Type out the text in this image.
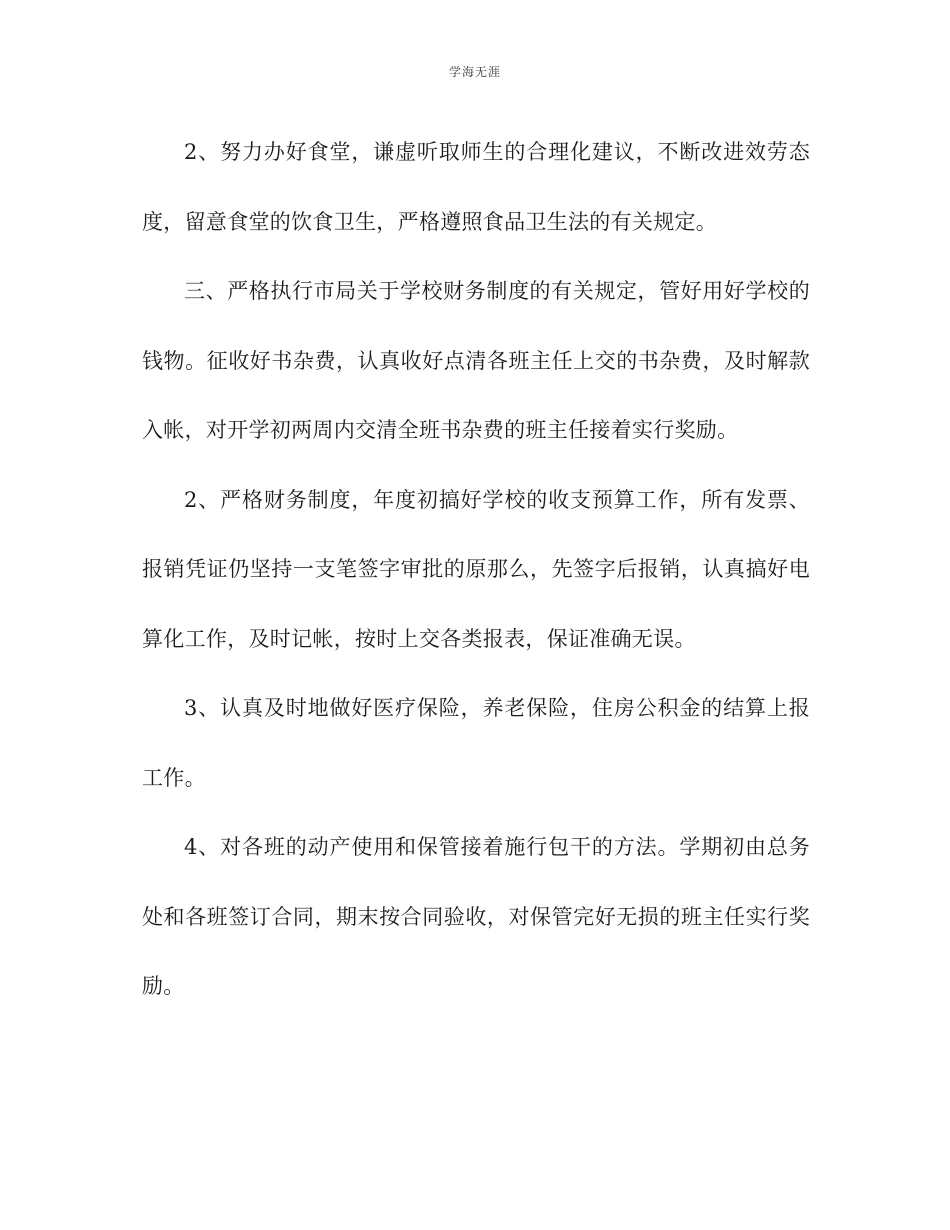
学海无涯

2、努力办好食堂，谦虚听取师生的合理化建议，不断改进效劳态度，留意食堂的饮食卫生，严格遵照食品卫生法的有关规定。

三、严格执行市局关于学校财务制度的有关规定，管好用好学校的钱物。征收好书杂费，认真收好点清各班主任上交的书杂费，及时解款入帐，对开学初两周内交清全班书杂费的班主任接着实行奖励。

2、严格财务制度，年度初搞好学校的收支预算工作，所有发票、报销凭证仍坚持一支笔签字审批的原那么，先签字后报销，认真搞好电算化工作，及时记帐，按时上交各类报表，保证准确无误。

3、认真及时地做好医疗保险，养老保险，住房公积金的结算上报工作。

4、对各班的动产使用和保管接着施行包干的方法。学期初由总务处和各班签订合同，期末按合同验收，对保管完好无损的班主任实行奖励。
